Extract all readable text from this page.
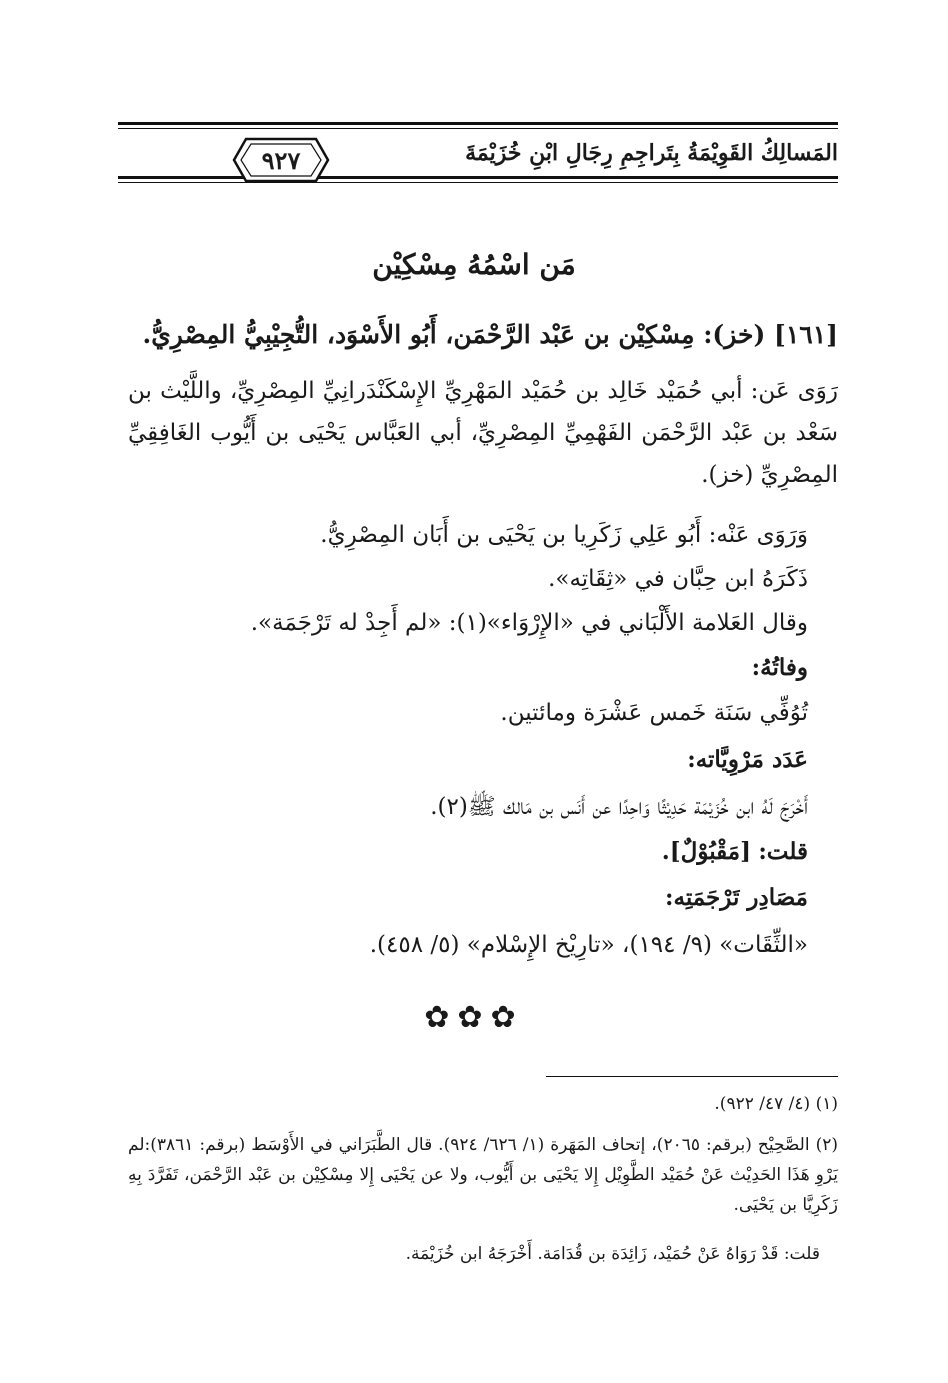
المَسالِكُ القَوِيْمَةُ بِتَراجِمِ رِجَالِ ابْنِ خُزَيْمَةَ
٩٢٧
مَن اسْمُهُ مِسْكِيْن
[١٦١] (خز): مِسْكِيْن بن عَبْد الرَّحْمَن، أَبُو الأَسْوَد، التُّجِيْبِيُّ المِصْرِيُّ.
رَوَى عَن: أبي حُمَيْد خَالِد بن حُمَيْد المَهْرِيِّ الإِسْكَنْدَرانِيِّ المِصْرِيِّ، واللَّيْث بن سَعْد بن عَبْد الرَّحْمَن الفَهْمِيِّ المِصْرِيِّ، أبي العَبَّاس يَحْيَى بن أَيُّوب الغَافِقِيِّ المِصْرِيِّ (خز).
وَرَوَى عَنْه: أَبُو عَلِي زَكَرِيا بن يَحْيَى بن أَبَان المِصْرِيُّ.
ذَكَرَهُ ابن حِبَّان في «ثِقَاتِه».
وقال العَلامة الأَلْبَاني في «الإِرْوَاء»(١): «لم أَجِدْ له تَرْجَمَة».
وفاتُهُ:
تُوُفِّي سَنَة خَمس عَشْرَة ومائتين.
عَدَد مَرْوِيَّاته:
أَخْرَجَ لَهُ ابن خُزَيْمَة حَدِيْثًا وَاحِدًا عن أَنَس بن مَالك ﷺ(٢).
قلت: [مَقْبُوْلٌ].
مَصَادِر تَرْجَمَتِه:
«الثِّقَات» (٩/ ١٩٤)، «تارِيْخ الإِسْلام» (٥/ ٤٥٨).
✿✿✿
(١) (٤/ ٤٧/ ٩٢٢).
(٢) الصَّحِيْح (برقم: ٢٠٦٥)، إتحاف المَهَرة (١/ ٦٢٦/ ٩٢٤). قال الطَّبَرَاني في الأَوْسَط (برقم: ٣٨٦١):لم يَرْوِ هَذَا الحَدِيْث عَنْ حُمَيْد الطَّوِيْل إِلا يَحْيَى بن أَيُّوب، ولا عن يَحْيَى إِلا مِسْكِيْن بن عَبْد الرَّحْمَن، تَفَرَّدَ بِهِ زَكَرِيَّا بن يَحْيَى.
قلت: قَدْ رَوَاهُ عَنْ حُمَيْد، زَائِدَة بن قُدَامَة. أَخْرَجَهُ ابن خُزَيْمَة.
